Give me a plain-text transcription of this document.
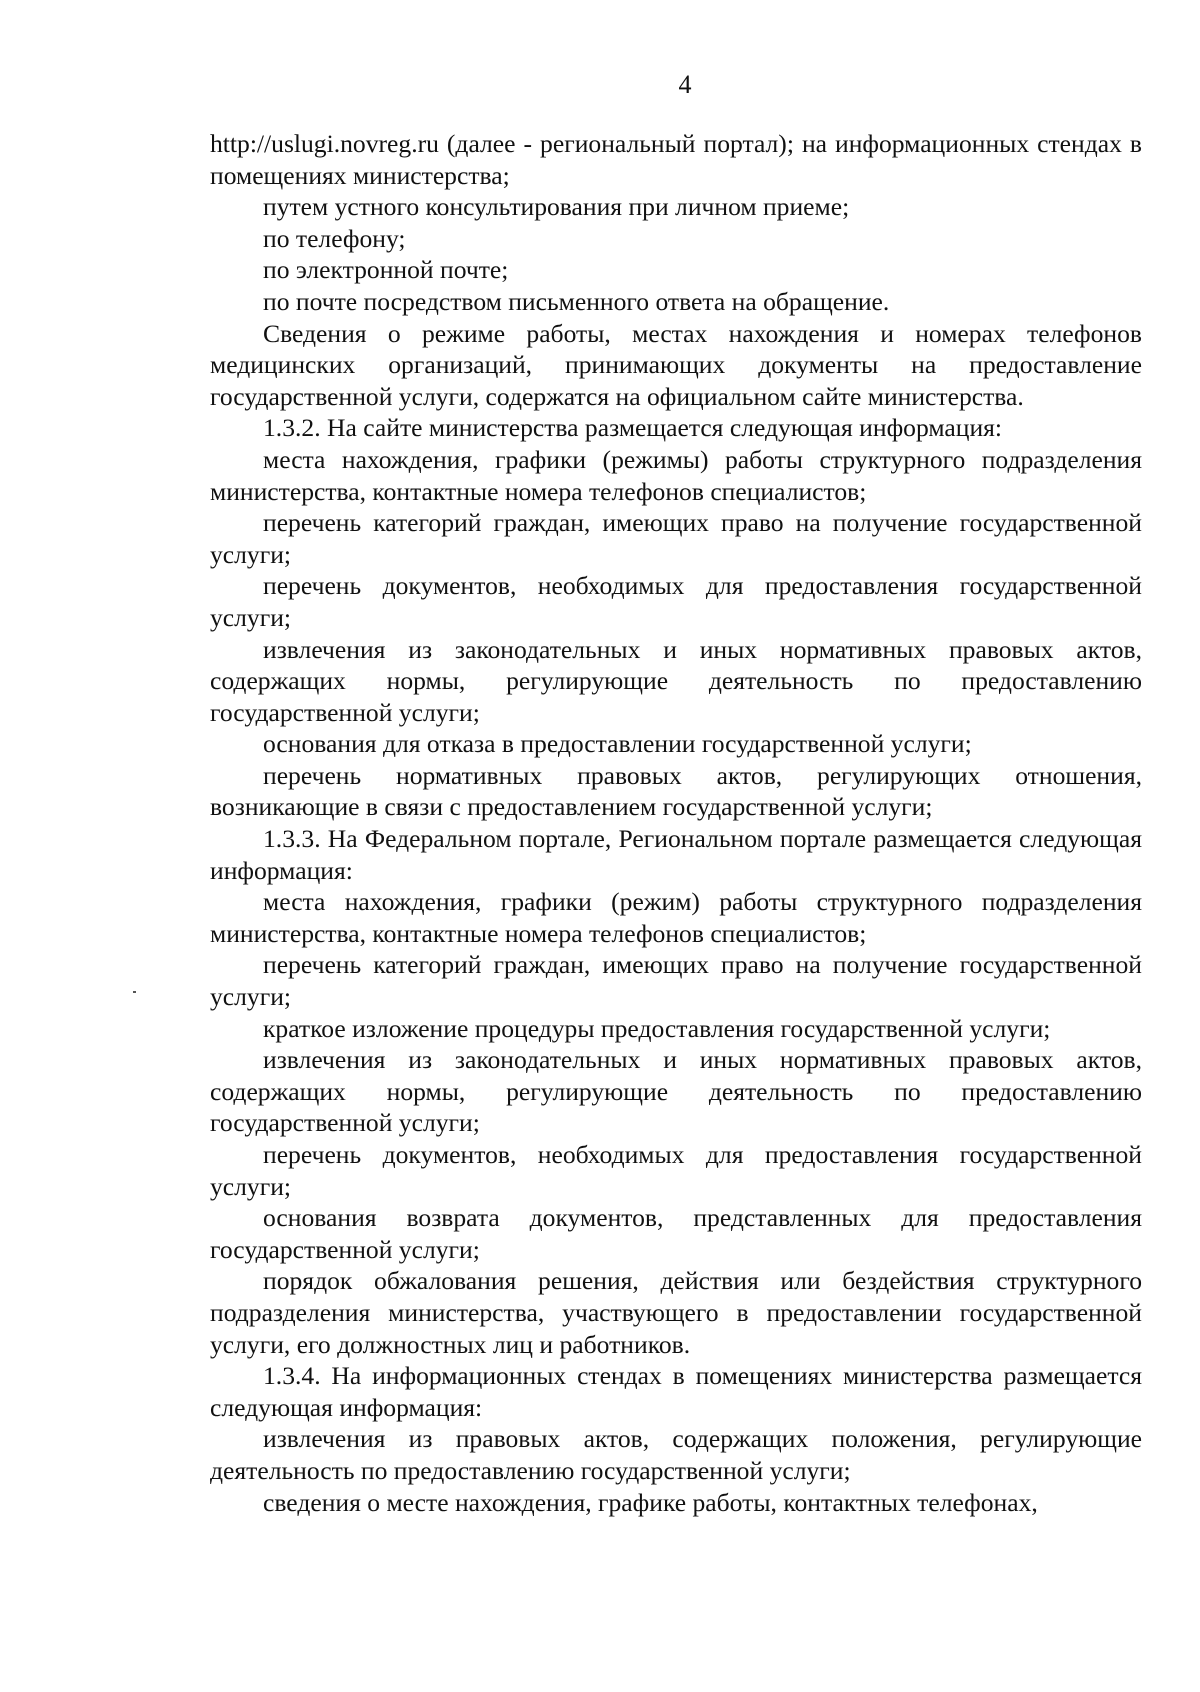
4

http://uslugi.novreg.ru (далее - региональный портал); на информационных стендах в помещениях министерства;

путем устного консультирования при личном приеме;

по телефону;

по электронной почте;

по почте посредством письменного ответа на обращение.

Сведения о режиме работы, местах нахождения и номерах телефонов медицинских организаций, принимающих документы на предоставление государственной услуги, содержатся на официальном сайте министерства.

1.3.2. На сайте министерства размещается следующая информация:

места нахождения, графики (режимы) работы структурного подразделения министерства, контактные номера телефонов специалистов;

перечень категорий граждан, имеющих право на получение государственной услуги;

перечень документов, необходимых для предоставления государственной услуги;

извлечения из законодательных и иных нормативных правовых актов, содержащих нормы, регулирующие деятельность по предоставлению государственной услуги;

основания для отказа в предоставлении государственной услуги;

перечень нормативных правовых актов, регулирующих отношения, возникающие в связи с предоставлением государственной услуги;

1.3.3. На Федеральном портале, Региональном портале размещается следующая информация:

места нахождения, графики (режим) работы структурного подразделения министерства, контактные номера телефонов специалистов;

перечень категорий граждан, имеющих право на получение государственной услуги;

краткое изложение процедуры предоставления государственной услуги;

извлечения из законодательных и иных нормативных правовых актов, содержащих нормы, регулирующие деятельность по предоставлению государственной услуги;

перечень документов, необходимых для предоставления государственной услуги;

основания возврата документов, представленных для предоставления государственной услуги;

порядок обжалования решения, действия или бездействия структурного подразделения министерства, участвующего в предоставлении государственной услуги, его должностных лиц и работников.

1.3.4. На информационных стендах в помещениях министерства размещается следующая информация:

извлечения из правовых актов, содержащих положения, регулирующие деятельность по предоставлению государственной услуги;

сведения о месте нахождения, графике работы, контактных телефонах,
